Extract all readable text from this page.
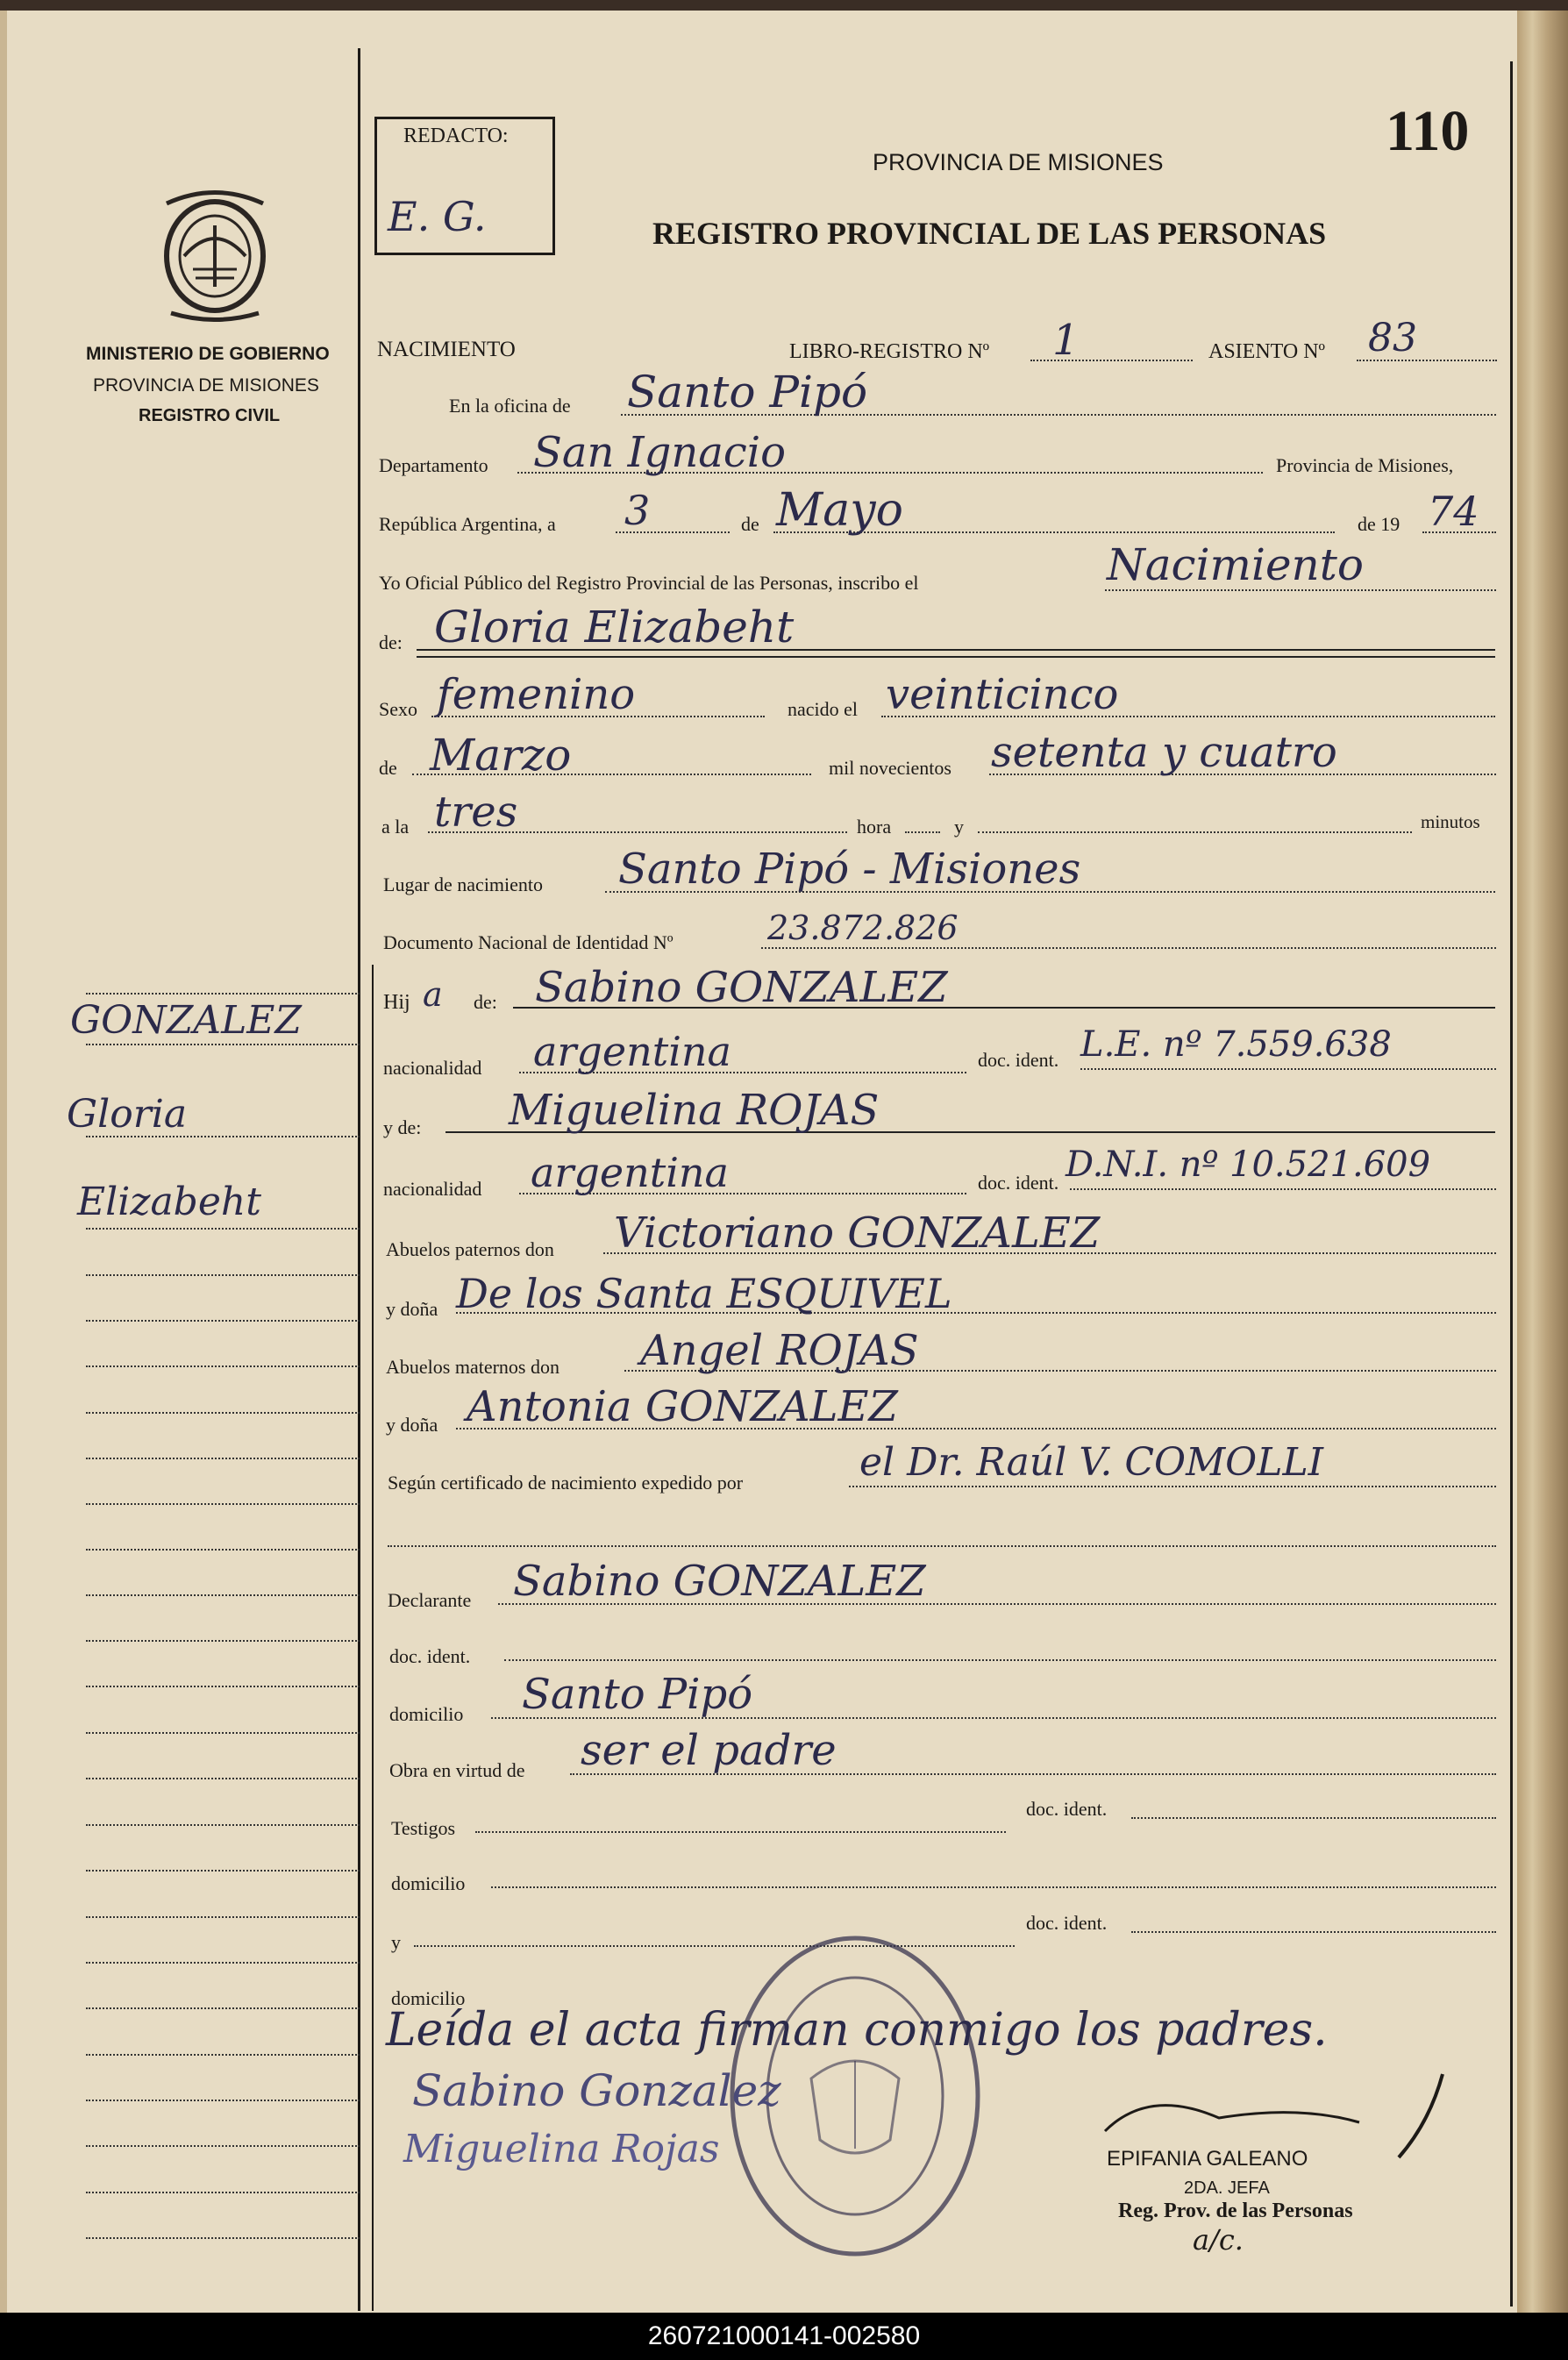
MINISTERIO DE GOBIERNO
PROVINCIA DE MISIONES
REGISTRO CIVIL
REDACTO:
E. G.
110
PROVINCIA DE MISIONES
REGISTRO PROVINCIAL DE LAS PERSONAS
GONZALEZ
Gloria
Elizabeht
NACIMIENTO	LIBRO-REGISTRO Nº 1	ASIENTO Nº 83
En la oficina de Santo Pipó
Departamento San Ignacio	Provincia de Misiones,
República Argentina, a 3	de Mayo	de 19 74
Yo Oficial Público del Registro Provincial de las Personas, inscribo el	Nacimiento
de: Gloria Elizabeht
Sexo femenino	nacido el veinticinco
de Marzo	mil novecientos setenta y cuatro
a la tres	hora	y	minutos
Lugar de nacimiento Santo Pipó - Misiones
Documento Nacional de Identidad Nº	23.872.826
Hij a de: Sabino GONZALEZ
nacionalidad argentina	doc. ident. L.E. nº 7.559.638
y de: Miguelina ROJAS
nacionalidad argentina	doc. ident. D.N.I. nº 10.521.609
Abuelos paternos don Victoriano GONZALEZ
y doña De los Santa ESQUIVEL
Abuelos maternos don Angel ROJAS
y doña Antonia GONZALEZ
Según certificado de nacimiento expedido por	el Dr. Raúl V. COMOLLI
Declarante Sabino GONZALEZ
doc. ident.
domicilio Santo Pipó
Obra en virtud de ser el padre
Testigos
doc. ident.
domicilio
y
doc. ident.
domicilio
Leída el acta firman conmigo los padres.
Sabino Gonzalez
Miguelina Rojas	EPIFANIA GALEANO
2DA. JEFA
Reg. Prov. de las Personas
a/c.
260721000141-002580
